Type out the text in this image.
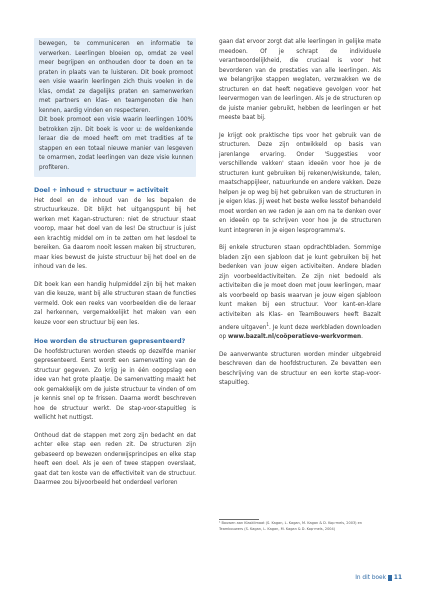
bewegen, te communiceren en informatie te verwerken. Leerlingen bloeien op, omdat ze veel meer begrijpen en onthouden door te doen en te praten in plaats van te luisteren. Dit boek promoot een visie waarin leerlingen zich thuis voelen in de klas, omdat ze dagelijks praten en samenwerken met partners en klas- en teamgenoten die hen kennen, aardig vinden en respecteren.

Dit boek promoot een visie waarin leerlingen 100% betrokken zijn. Dit boek is voor u: de weldenkende leraar die de moed heeft om met tradities af te stappen en een totaal nieuwe manier van lesgeven te omarmen, zodat leerlingen van deze visie kunnen profiteren.

Doel + inhoud + structuur = activiteit

Het doel en de inhoud van de les bepalen de structuurkeuze. Dit blijkt het uitgangspunt bij het werken met Kagan-structuren: niet de structuur staat voorop, maar het doel van de les! De structuur is juist een krachtig middel om in te zetten om het lesdoel te bereiken. Ga daarom nooit lessen maken bij structuren, maar kies bewust de juiste structuur bij het doel en de inhoud van de les.

Dit boek kan een handig hulpmiddel zijn bij het maken van die keuze, want bij alle structuren staan de functies vermeld. Ook een reeks van voorbeelden die de leraar zal herkennen, vergemakkelijkt het maken van een keuze voor een structuur bij een les.

Hoe worden de structuren gepresenteerd?

De hoofdstructuren worden steeds op dezelfde manier gepresenteerd. Eerst wordt een samenvatting van de structuur gegeven. Zo krijg je in één oogopslag een idee van het grote plaatje. De samenvatting maakt het ook gemakkelijk om de juiste structuur te vinden of om je kennis snel op te frissen. Daarna wordt beschreven hoe de structuur werkt. De stap-voor-stapuitleg is wellicht het nuttigst.

Onthoud dat de stappen met zorg zijn bedacht en dat achter elke stap een reden zit. De structuren zijn gebaseerd op bewezen onderwijsprincipes en elke stap heeft een doel. Als je een of twee stappen overslaat, gaat dat ten koste van de effectiviteit van de structuur. Daarmee zou bijvoorbeeld het onderdeel verloren

gaan dat ervoor zorgt dat alle leerlingen in gelijke mate meedoen. Of je schrapt de individuele verantwoordelijkheid, die cruciaal is voor het bevorderen van de prestaties van alle leerlingen. Als we belangrijke stappen weglaten, verzwakken we de structuren en dat heeft negatieve gevolgen voor het leervermogen van de leerlingen. Als je de structuren op de juiste manier gebruikt, hebben de leerlingen er het meeste baat bij.

Je krijgt ook praktische tips voor het gebruik van de structuren. Deze zijn ontwikkeld op basis van jarenlange ervaring. Onder 'Suggesties voor verschillende vakken' staan ideeën voor hoe je de structuren kunt gebruiken bij rekenen/wiskunde, talen, maatschappijleer, natuurkunde en andere vakken. Deze helpen je op weg bij het gebruiken van de structuren in je eigen klas. Jij weet het beste welke lesstof behandeld moet worden en we raden je aan om na te denken over en ideeën op te schrijven voor hoe je de structuren kunt integreren in je eigen lesprogramma's.

Bij enkele structuren staan opdrachtbladen. Sommige bladen zijn een sjabloon dat je kunt gebruiken bij het bedenken van jouw eigen activiteiten. Andere bladen zijn voorbeeldactiviteiten. Ze zijn niet bedoeld als activiteiten die je moet doen met jouw leerlingen, maar als voorbeeld op basis waarvan je jouw eigen sjabloon kunt maken bij een structuur. Voor kant-en-klare activiteiten als Klas- en TeamBouwers heeft Bazalt andere uitgaven$^1$. Je kunt deze werkbladen downloaden op www.bazalt.nl/coöperatieve-werkvormen.

De aanverwante structuren worden minder uitgebreid beschreven dan de hoofdstructuren. Ze bevatten een beschrijving van de structuur en een korte stap-voor-stapuitleg.

¹ Bouwen aan Klasklimaat (S. Kagan, L. Kagan, M. Kagan & D. Kop·mels, 2003) en Teambouwers (S. Kagan, L. Kagan, M. Kagan & D. Kop·mels, 2004)
In dit boek 11
